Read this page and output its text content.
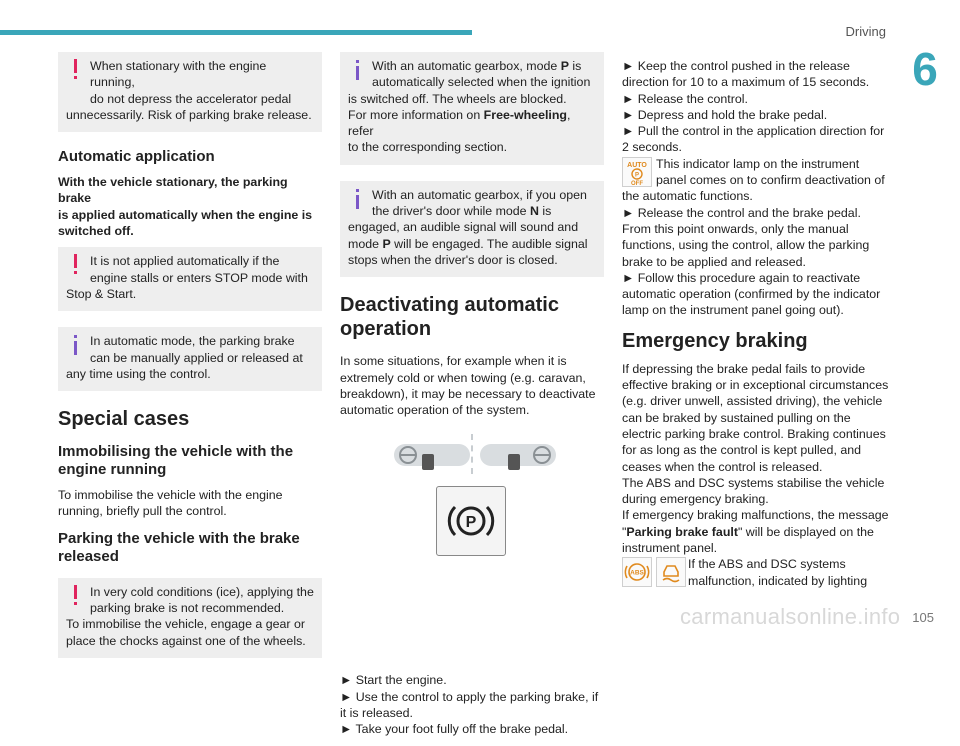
Driving
6
When stationary with the engine running,
do not depress the accelerator pedal
unnecessarily. Risk of parking brake release.
Automatic application
With the vehicle stationary, the parking brake
is applied automatically when the engine is
switched off.
It is not applied automatically if the
engine stalls or enters STOP mode with
Stop & Start.
In automatic mode, the parking brake
can be manually applied or released at
any time using the control.
Special cases
Immobilising the vehicle with the
engine running
To immobilise the vehicle with the engine
running, briefly pull the control.
Parking the vehicle with the brake
released
In very cold conditions (ice), applying the
parking brake is not recommended.
To immobilise the vehicle, engage a gear or
place the chocks against one of the wheels.
With an automatic gearbox, mode P is
automatically selected when the ignition
is switched off. The wheels are blocked.
For more information on Free-wheeling, refer
to the corresponding section.
With an automatic gearbox, if you open
the driver's door while mode N is
engaged, an audible signal will sound and
mode P will be engaged. The audible signal
stops when the driver's door is closed.
Deactivating automatic
operation
In some situations, for example when it is
extremely cold or when towing (e.g. caravan,
breakdown), it may be necessary to deactivate
automatic operation of the system.
P
► Start the engine.
► Use the control to apply the parking brake, if
it is released.
► Take your foot fully off the brake pedal.
► Keep the control pushed in the release
direction for 10 to a maximum of 15 seconds.
► Release the control.
► Depress and hold the brake pedal.
► Pull the control in the application direction for
2 seconds.
AUTO
P
OFF
This indicator lamp on the instrument
panel comes on to confirm deactivation of
the automatic functions.
► Release the control and the brake pedal.
From this point onwards, only the manual
functions, using the control, allow the parking
brake to be applied and released.
► Follow this procedure again to reactivate
automatic operation (confirmed by the indicator
lamp on the instrument panel going out).
Emergency braking
If depressing the brake pedal fails to provide
effective braking or in exceptional circumstances
(e.g. driver unwell, assisted driving), the vehicle
can be braked by sustained pulling on the
electric parking brake control. Braking continues
for as long as the control is kept pulled, and
ceases when the control is released.
The ABS and DSC systems stabilise the vehicle
during emergency braking.
If emergency braking malfunctions, the message
"Parking brake fault" will be displayed on the
instrument panel.
ABS
If the ABS and DSC systems
malfunction, indicated by lighting
carmanualsonline.info 105
